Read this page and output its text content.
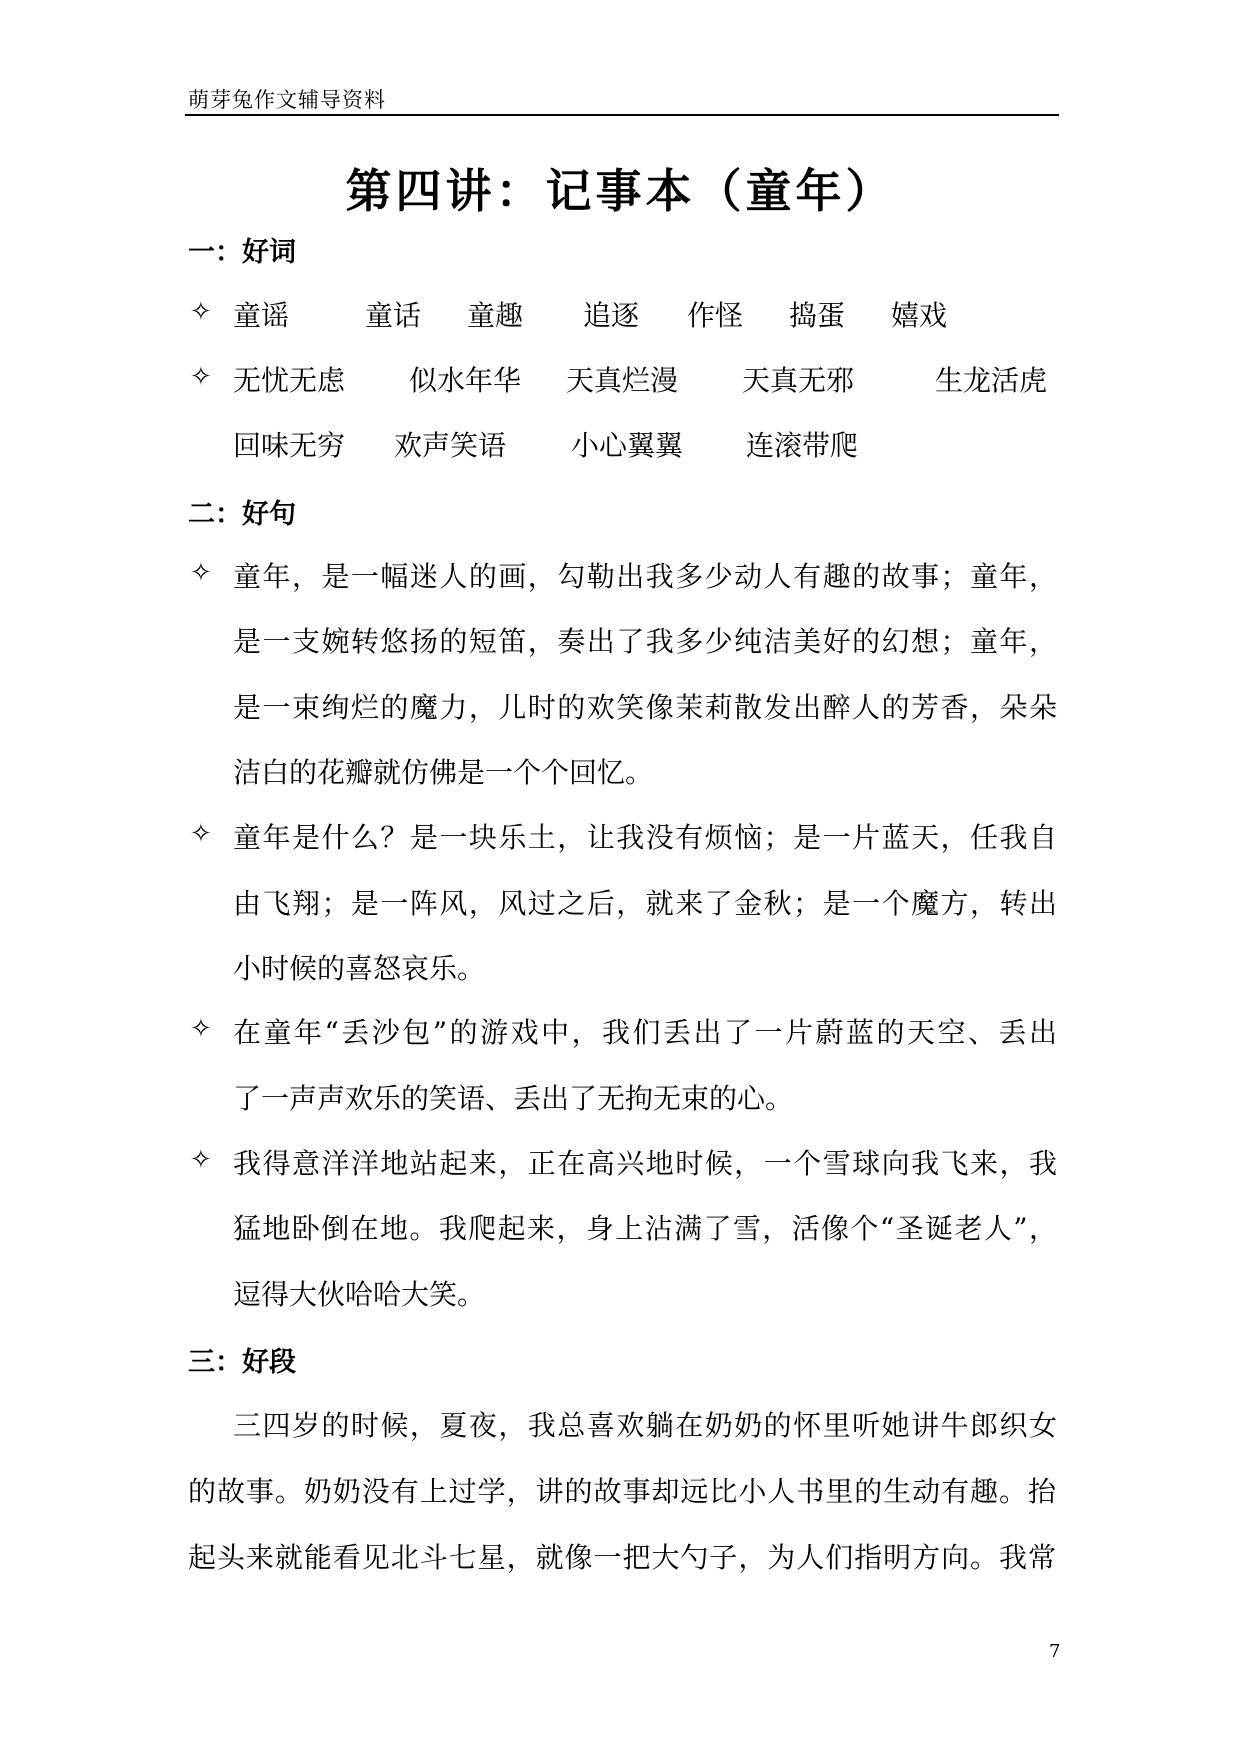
萌芽兔作文辅导资料
第四讲：记事本（童年）
一：好词
✧ 童谣	童话 童趣 追逐 作怪 捣蛋 嬉戏
✧ 无忧无虑 似水年华 天真烂漫 天真无邪	生龙活虎
回味无穷 欢声笑语 小心翼翼 连滚带爬
二：好句
✧ 童年，是一幅迷人的画，勾勒出我多少动人有趣的故事；童年，
是一支婉转悠扬的短笛，奏出了我多少纯洁美好的幻想；童年，
是一束绚烂的魔力，儿时的欢笑像茉莉散发出醉人的芳香，朵朵
洁白的花瓣就仿佛是一个个回忆。
✧ 童年是什么？是一块乐土，让我没有烦恼；是一片蓝天，任我自
由飞翔；是一阵风，风过之后，就来了金秋；是一个魔方，转出
小时候的喜怒哀乐。
✧ 在童年“丢沙包”的游戏中，我们丢出了一片蔚蓝的天空、丢出
了一声声欢乐的笑语、丢出了无拘无束的心。
✧ 我得意洋洋地站起来，正在高兴地时候，一个雪球向我飞来，我
猛地卧倒在地。我爬起来，身上沾满了雪，活像个“圣诞老人”，
逗得大伙哈哈大笑。
三：好段
三四岁的时候，夏夜，我总喜欢躺在奶奶的怀里听她讲牛郎织女
的故事。奶奶没有上过学，讲的故事却远比小人书里的生动有趣。抬
起头来就能看见北斗七星，就像一把大勺子，为人们指明方向。我常
7
